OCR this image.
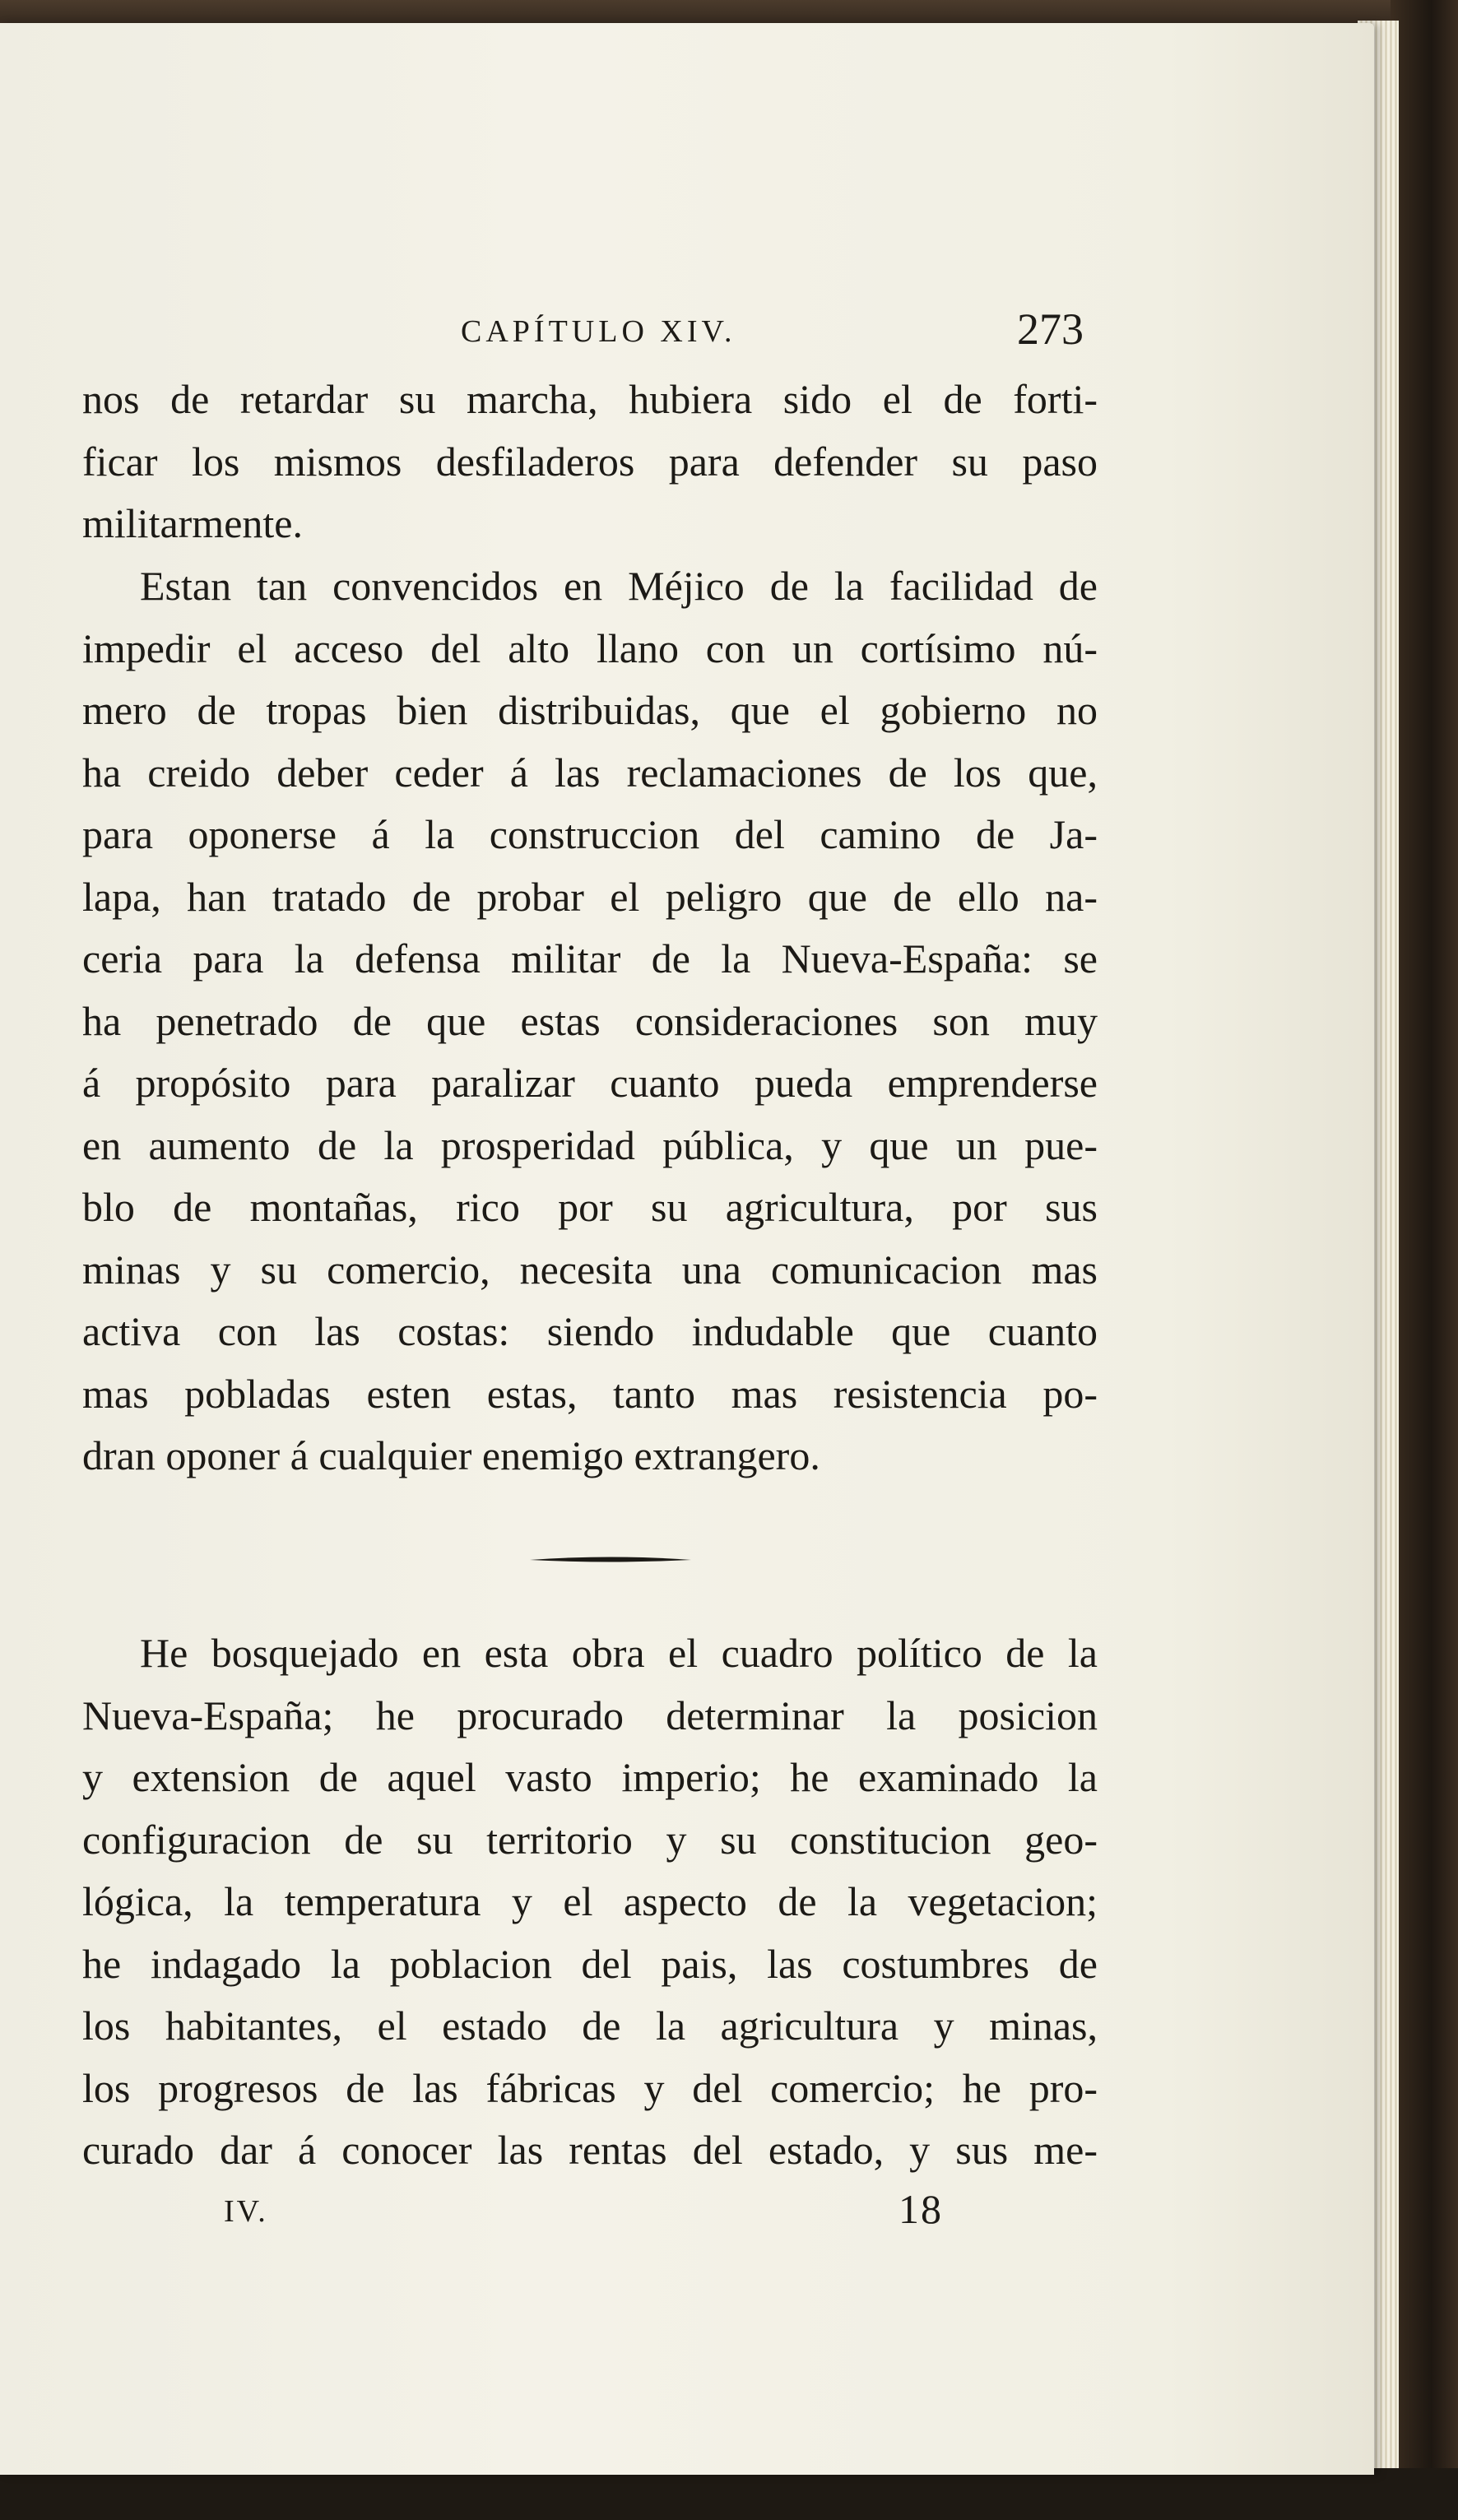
CAPÍTULO XIV.	273
nos de retardar su marcha, hubiera sido el de forti-
ficar los mismos desfiladeros para defender su paso
militarmente.
Estan tan convencidos en Méjico de la facilidad de
impedir el acceso del alto llano con un cortísimo nú-
mero de tropas bien distribuidas, que el gobierno no
ha creido deber ceder á las reclamaciones de los que,
para oponerse á la construccion del camino de Ja-
lapa, han tratado de probar el peligro que de ello na-
ceria para la defensa militar de la Nueva-España: se
ha penetrado de que estas consideraciones son muy
á propósito para paralizar cuanto pueda emprenderse
en aumento de la prosperidad pública, y que un pue-
blo de montañas, rico por su agricultura, por sus
minas y su comercio, necesita una comunicacion mas
activa con las costas: siendo indudable que cuanto
mas pobladas esten estas, tanto mas resistencia po-
dran oponer á cualquier enemigo extrangero.
He bosquejado en esta obra el cuadro político de la
Nueva-España; he procurado determinar la posicion
y extension de aquel vasto imperio; he examinado la
configuracion de su territorio y su constitucion geo-
lógica, la temperatura y el aspecto de la vegetacion;
he indagado la poblacion del pais, las costumbres de
los habitantes, el estado de la agricultura y minas,
los progresos de las fábricas y del comercio; he pro-
curado dar á conocer las rentas del estado, y sus me-
IV.	18
